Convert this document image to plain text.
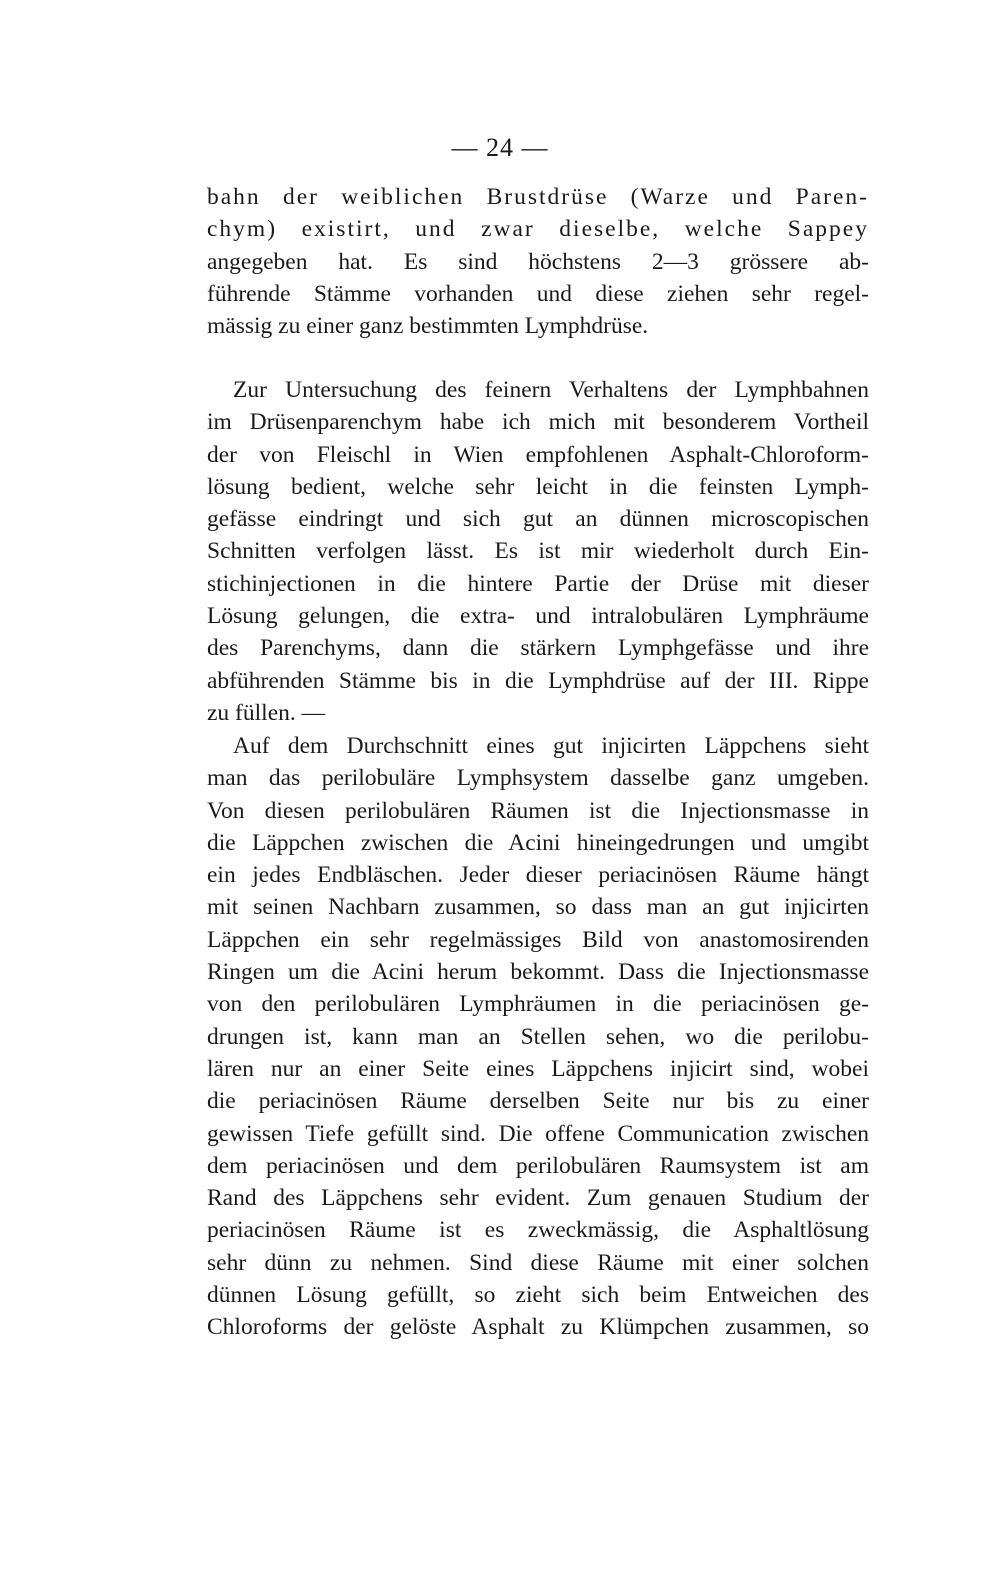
— 24 —
bahn der weiblichen Brustdrüse (Warze und Paren-
chym) existirt, und zwar dieselbe, welche Sappey
angegeben hat. Es sind höchstens 2—3 grössere ab-
führende Stämme vorhanden und diese ziehen sehr regel-
mässig zu einer ganz bestimmten Lymphdrüse.
Zur Untersuchung des feinern Verhaltens der Lymphbahnen
im Drüsenparenchym habe ich mich mit besonderem Vortheil
der von Fleischl in Wien empfohlenen Asphalt-Chloroform-
lösung bedient, welche sehr leicht in die feinsten Lymph-
gefässe eindringt und sich gut an dünnen microscopischen
Schnitten verfolgen lässt. Es ist mir wiederholt durch Ein-
stichinjectionen in die hintere Partie der Drüse mit dieser
Lösung gelungen, die extra- und intralobulären Lymphräume
des Parenchyms, dann die stärkern Lymphgefässe und ihre
abführenden Stämme bis in die Lymphdrüse auf der III. Rippe
zu füllen. —
Auf dem Durchschnitt eines gut injicirten Läppchens sieht
man das perilobuläre Lymphsystem dasselbe ganz umgeben.
Von diesen perilobulären Räumen ist die Injectionsmasse in
die Läppchen zwischen die Acini hineingedrungen und umgibt
ein jedes Endbläschen. Jeder dieser periacinösen Räume hängt
mit seinen Nachbarn zusammen, so dass man an gut injicirten
Läppchen ein sehr regelmässiges Bild von anastomosirenden
Ringen um die Acini herum bekommt. Dass die Injectionsmasse
von den perilobulären Lymphräumen in die periacinösen ge-
drungen ist, kann man an Stellen sehen, wo die perilobu-
lären nur an einer Seite eines Läppchens injicirt sind, wobei
die periacinösen Räume derselben Seite nur bis zu einer
gewissen Tiefe gefüllt sind. Die offene Communication zwischen
dem periacinösen und dem perilobulären Raumsystem ist am
Rand des Läppchens sehr evident. Zum genauen Studium der
periacinösen Räume ist es zweckmässig, die Asphaltlösung
sehr dünn zu nehmen. Sind diese Räume mit einer solchen
dünnen Lösung gefüllt, so zieht sich beim Entweichen des
Chloroforms der gelöste Asphalt zu Klümpchen zusammen, so
